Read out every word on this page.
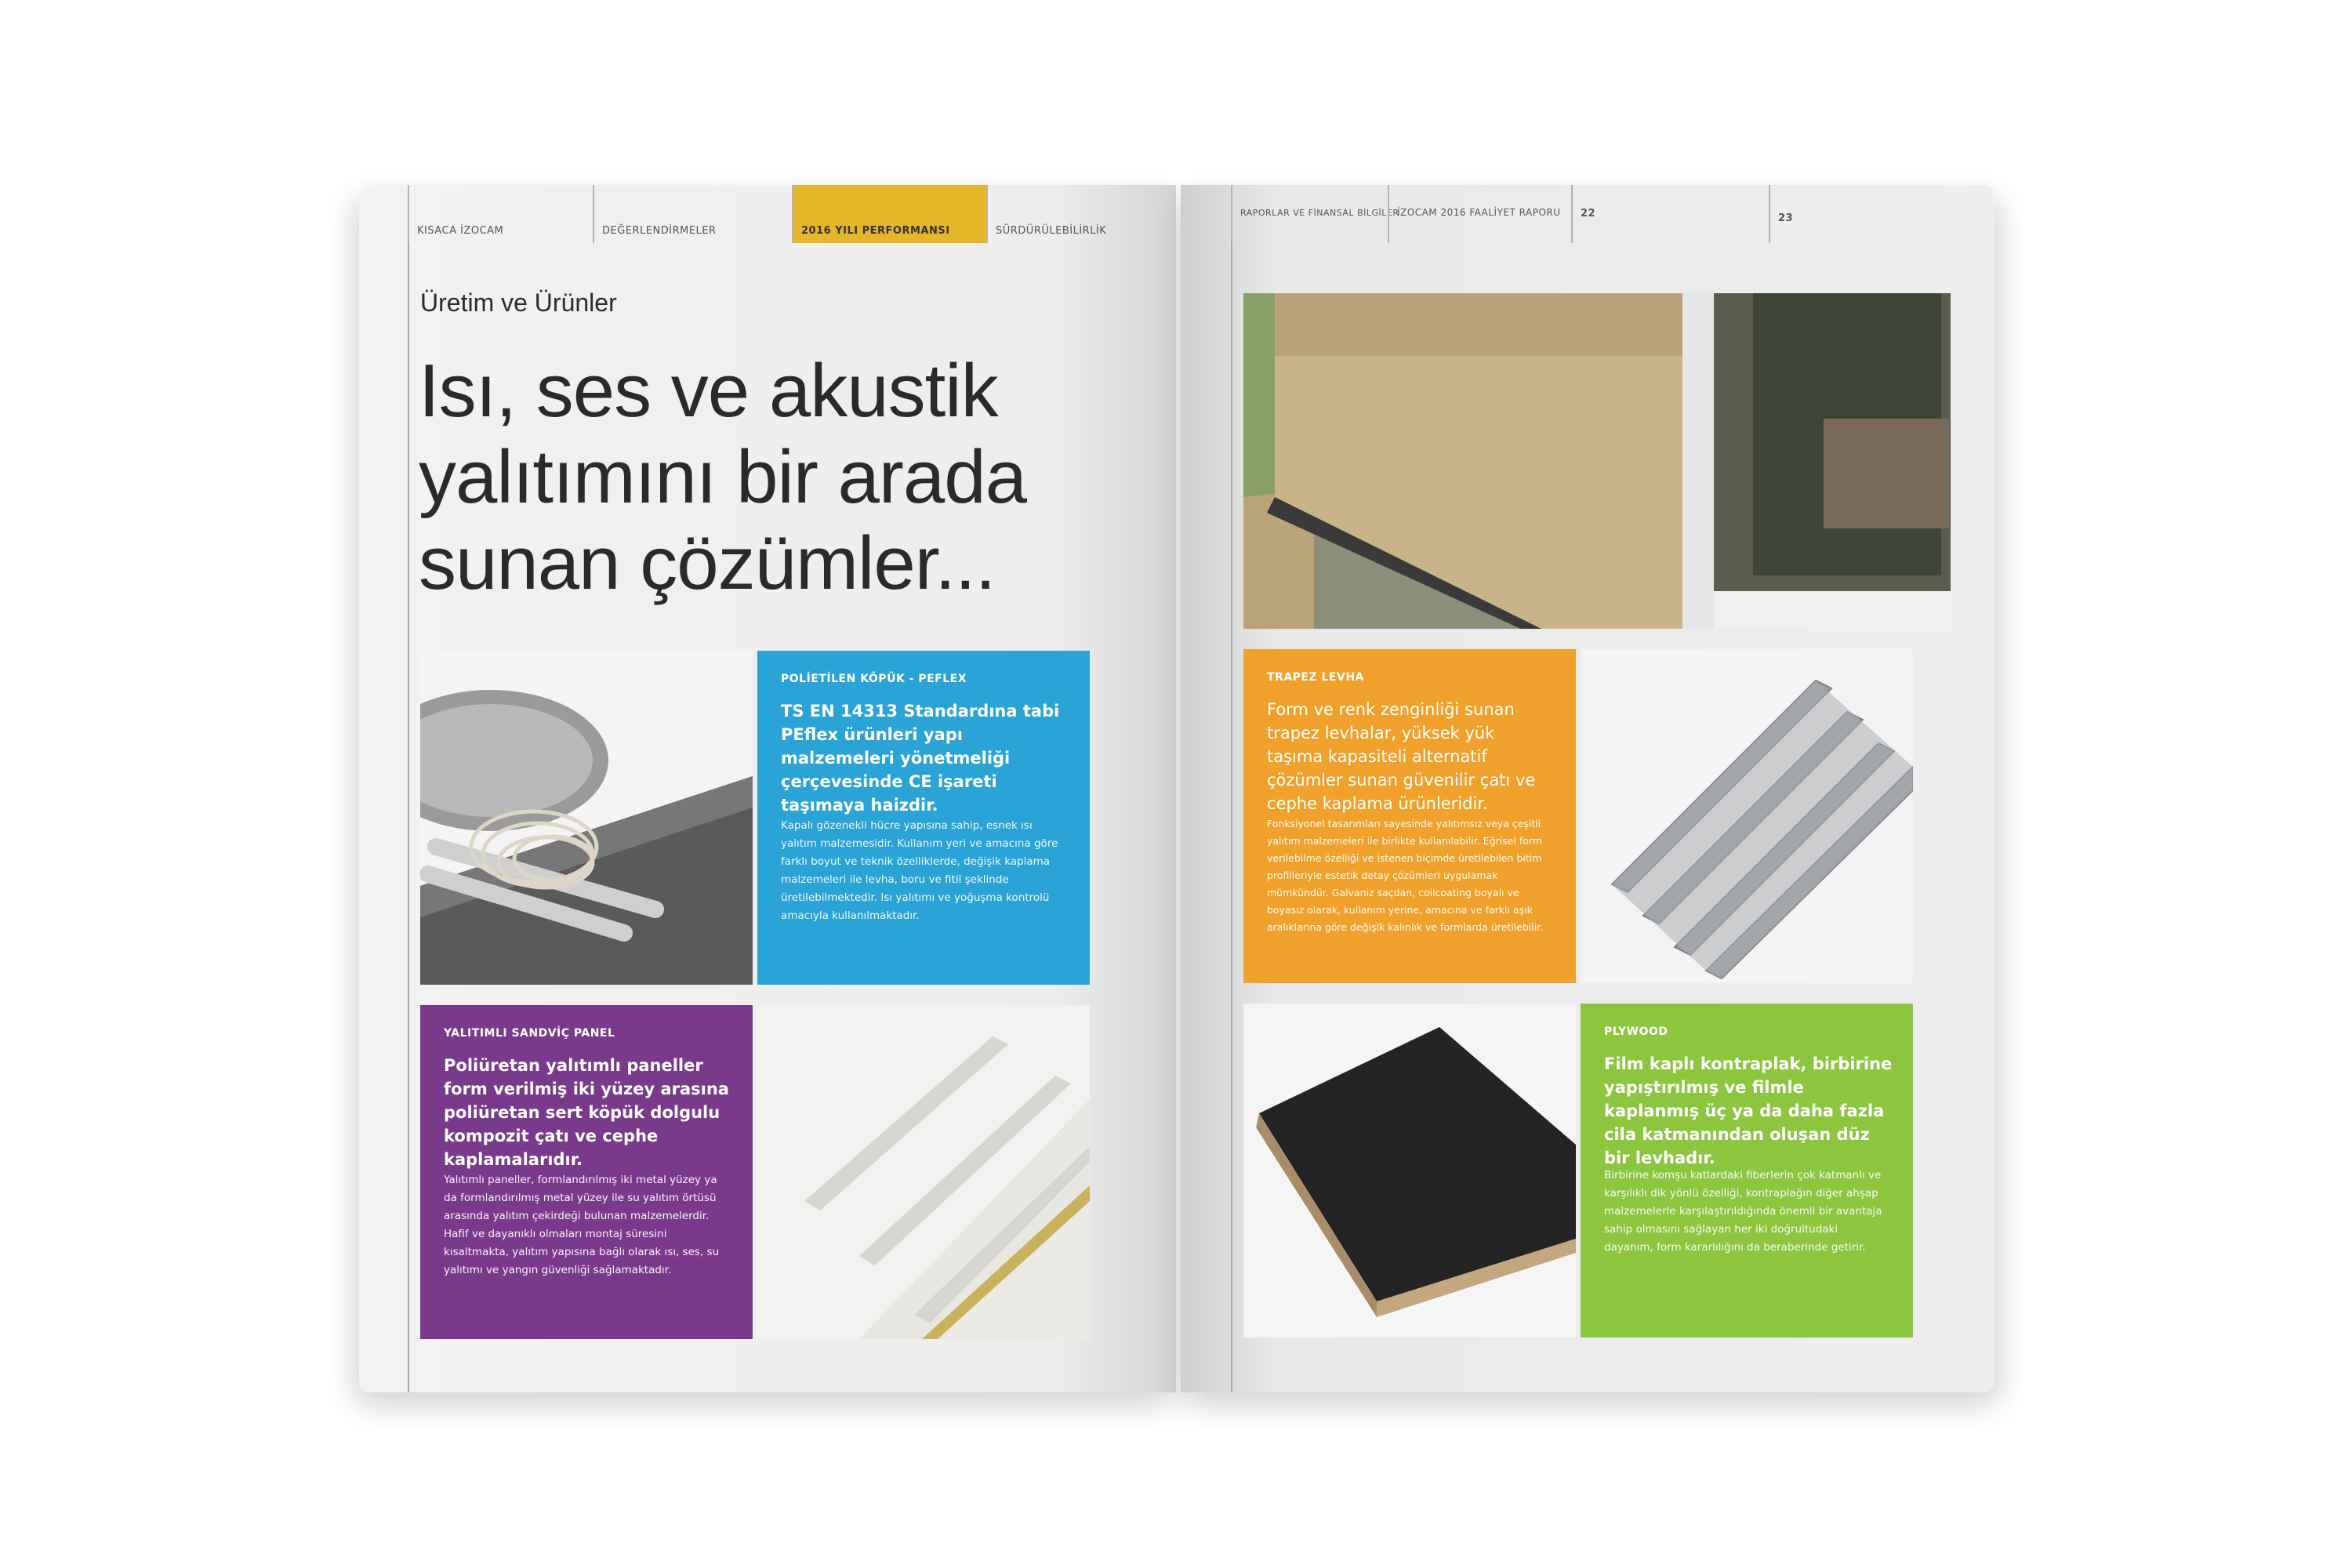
KISACA İZOCAM	DEĞERLENDİRMELER	2016 YILI PERFORMANSI	SÜRDÜRÜLEBİLİRLİK
Üretim ve Ürünler
Isı, ses ve akustik
yalıtımını bir arada
sunan çözümler...
POLİETİLEN KÖPÜK - PEFLEX
TS EN 14313 Standardına tabi PEflex ürünleri yapı malzemeleri yönetmeliği çerçevesinde CE işareti taşımaya haizdir.
Kapalı gözenekli hücre yapısına sahip, esnek ısı yalıtım malzemesidir. Kullanım yeri ve amacına göre farklı boyut ve teknik özelliklerde, değişik kaplama malzemeleri ile levha, boru ve fitil şeklinde üretilebilmektedir. Isı yalıtımı ve yoğuşma kontrolü amacıyla kullanılmaktadır.
YALITIMLI SANDVİÇ PANEL
Poliüretan yalıtımlı paneller form verilmiş iki yüzey arasına poliüretan sert köpük dolgulu kompozit çatı ve cephe kaplamalarıdır.
Yalıtımlı paneller, formlandırılmış iki metal yüzey ya da formlandırılmış metal yüzey ile su yalıtım örtüsü arasında yalıtım çekirdeği bulunan malzemelerdir. Hafif ve dayanıklı olmaları montaj süresini kısaltmakta, yalıtım yapısına bağlı olarak ısı, ses, su yalıtımı ve yangın güvenliği sağlamaktadır.
RAPORLAR VE FİNANSAL BİLGİLER
İZOCAM 2016 FAALİYET RAPORU 22	23
TRAPEZ LEVHA
Form ve renk zenginliği sunan trapez levhalar, yüksek yük taşıma kapasiteli alternatif çözümler sunan güvenilir çatı ve cephe kaplama ürünleridir.
Fonksiyonel tasarımları sayesinde yalıtımsız veya çeşitli yalıtım malzemeleri ile birlikte kullanılabilir. Eğrisel form verilebilme özelliği ve istenen biçimde üretilebilen bitim profilleriyle estetik detay çözümleri uygulamak mümkündür. Galvaniz saçdan, coilcoating boyalı ve boyasız olarak, kullanım yerine, amacına ve farklı aşık aralıklarına göre değişik kalınlık ve formlarda üretilebilir.
PLYWOOD
Film kaplı kontraplak, birbirine yapıştırılmış ve filmle kaplanmış üç ya da daha fazla cila katmanından oluşan düz bir levhadır.
Birbirine komşu katlardaki fiberlerin çok katmanlı ve karşılıklı dik yönlü özelliği, kontraplağın diğer ahşap malzemelerle karşılaştırıldığında önemli bir avantaja sahip olmasını sağlayan her iki doğrultudaki dayanım, form kararlılığını da beraberinde getirir.
